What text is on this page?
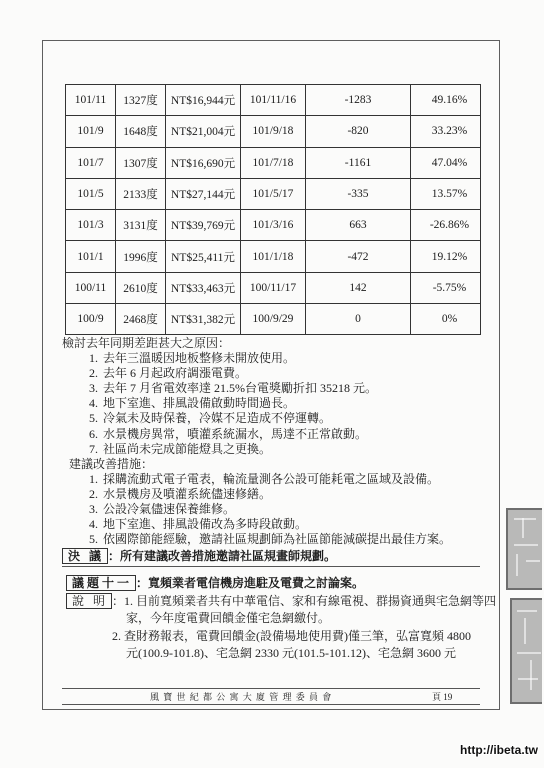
101/11	1327度	NT$16,944元	101/11/16	-1283	49.16%
101/9	1648度	NT$21,004元	101/9/18	-820	33.23%
101/7	1307度	NT$16,690元	101/7/18	-1161	47.04%
101/5	2133度	NT$27,144元	101/5/17	-335	13.57%
101/3	3131度	NT$39,769元	101/3/16	663	-26.86%
101/1	1996度	NT$25,411元	101/1/18	-472	19.12%
100/11	2610度	NT$33,463元	100/11/17	142	-5.75%
100/9	2468度	NT$31,382元	100/9/29	0	0%
檢討去年同期差距甚大之原因：
1. 去年三溫暖因地板整修未開放使用。
2. 去年 6 月起政府調漲電費。
3. 去年 7 月省電效率達 21.5%台電獎勵折扣 35218 元。
4. 地下室進、排風設備啟動時間過長。
5. 冷氣未及時保養，冷媒不足造成不停運轉。
6. 水景機房異常，噴灌系統漏水，馬達不正常啟動。
7. 社區尚未完成節能燈具之更換。
建議改善措施：
1. 採購流動式電子電表，輪流量測各公設可能耗電之區域及設備。
2. 水景機房及噴灌系統儘速修繕。
3. 公設冷氣儘速保養維修。
4. 地下室進、排風設備改為多時段啟動。
5. 依國際節能經驗，邀請社區規劃師為社區節能減碳提出最佳方案。
決 議 ：所有建議改善措施邀請社區規畫師規劃。
議題十一 ：寬頻業者電信機房進駐及電費之討論案。
說 明 ：1. 目前寬頻業者共有中華電信、家和有線電視、群揚資通與宅急網等四
家，今年度電費回饋金僅宅急網繳付。
2. 查財務報表，電費回饋金(設備場地使用費)僅三筆，弘富寬頻 4800
元(100.9-101.8)、宅急網 2330 元(101.5-101.12)、宅急網 3600 元
風 寶 世 紀 都 公 寓 大 廈 管 理 委 員 會	頁 19
http://ibeta.tw
